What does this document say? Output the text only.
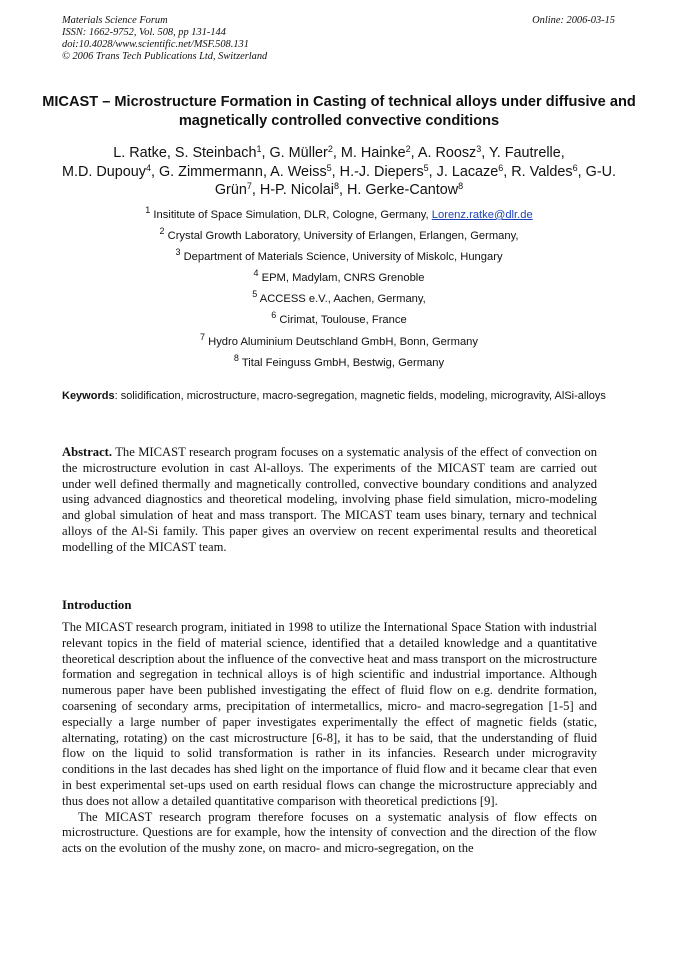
Materials Science Forum
ISSN: 1662-9752, Vol. 508, pp 131-144
doi:10.4028/www.scientific.net/MSF.508.131
© 2006 Trans Tech Publications Ltd, Switzerland
Online: 2006-03-15
MICAST – Microstructure Formation in Casting of technical alloys under diffusive and magnetically controlled convective conditions
L. Ratke, S. Steinbach$^1$, G. Müller$^2$, M. Hainke$^2$, A. Roosz$^3$, Y. Fautrelle,
M.D. Dupouy$^4$, G. Zimmermann, A. Weiss$^5$, H.-J. Diepers$^5$, J. Lacaze$^6$, R. Valdes$^6$, G-U. Grün$^7$, H-P. Nicolai$^8$, H. Gerke-Cantow$^8$
$^1$ Insititute of Space Simulation, DLR, Cologne, Germany, Lorenz.ratke@dlr.de
$^2$ Crystal Growth Laboratory, University of Erlangen, Erlangen, Germany,
$^3$ Department of Materials Science, University of Miskolc, Hungary
$^4$ EPM, Madylam, CNRS Grenoble
$^5$ ACCESS e.V., Aachen, Germany,
$^6$ Cirimat, Toulouse, France
$^7$ Hydro Aluminium Deutschland GmbH, Bonn, Germany
$^8$ Tital Feinguss GmbH, Bestwig, Germany
Keywords: solidification, microstructure, macro-segregation, magnetic fields, modeling, microgravity, AlSi-alloys

Abstract. The MICAST research program focuses on a systematic analysis of the effect of convection on the microstructure evolution in cast Al-alloys. The experiments of the MICAST team are carried out under well defined thermally and magnetically controlled, convective boundary conditions and analyzed using advanced diagnostics and theoretical modeling, involving phase field simulation, micro-modeling and global simulation of heat and mass transport. The MICAST team uses binary, ternary and technical alloys of the Al-Si family. This paper gives an overview on recent experimental results and theoretical modelling of the MICAST team.

Introduction

The MICAST research program, initiated in 1998 to utilize the International Space Station with industrial relevant topics in the field of material science, identified that a detailed knowledge and a quantitative theoretical description about the influence of the convective heat and mass transport on the microstructure formation and segregation in technical alloys is of high scientific and industrial importance. Although numerous paper have been published investigating the effect of fluid flow on e.g. dendrite formation, coarsening of secondary arms, precipitation of intermetallics, micro- and macro-segregation [1-5] and especially a large number of paper investigates experimentally the effect of magnetic fields (static, alternating, rotating) on the cast microstructure [6-8], it has to be said, that the understanding of fluid flow on the liquid to solid transformation is rather in its infancies. Research under microgravity conditions in the last decades has shed light on the importance of fluid flow and it became clear that even in best experimental set-ups used on earth residual flows can change the microstructure appreciably and thus does not allow a detailed quantitative comparison with theoretical predictions [9].

The MICAST research program therefore focuses on a systematic analysis of flow effects on microstructure. Questions are for example, how the intensity of convection and the direction of the flow acts on the evolution of the mushy zone, on macro- and micro-segregation, on the
